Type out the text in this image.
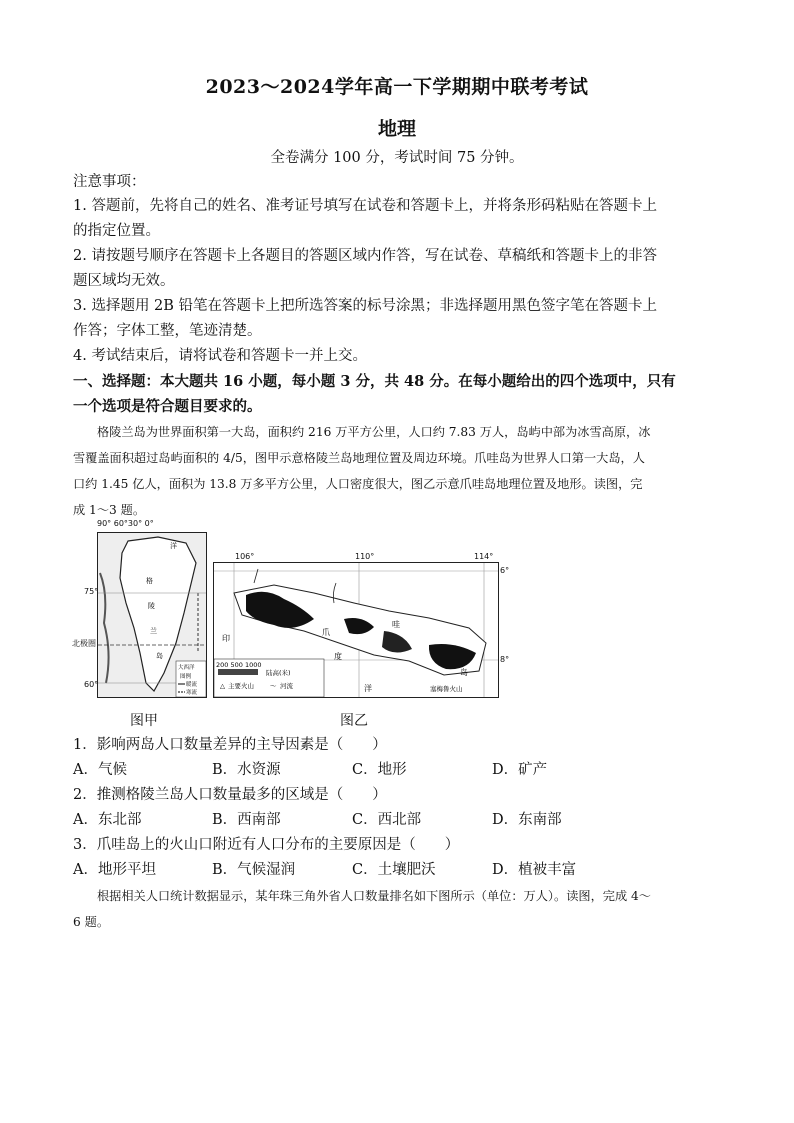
2023～2024学年高一下学期期中联考考试
地理
全卷满分 100 分，考试时间 75 分钟。
注意事项：
1. 答题前，先将自己的姓名、准考证号填写在试卷和答题卡上，并将条形码粘贴在答题卡上
的指定位置。
2. 请按题号顺序在答题卡上各题目的答题区域内作答，写在试卷、草稿纸和答题卡上的非答
题区域均无效。
3. 选择题用 2B 铅笔在答题卡上把所选答案的标号涂黑；非选择题用黑色签字笔在答题卡上
作答；字体工整，笔迹清楚。
4. 考试结束后，请将试卷和答题卡一并上交。
一、选择题：本大题共 16 小题，每小题 3 分，共 48 分。在每小题给出的四个选项中，只有
一个选项是符合题目要求的。
格陵兰岛为世界面积第一大岛，面积约 216 万平方公里，人口约 7.83 万人，岛屿中部为冰雪高原，冰
雪覆盖面积超过岛屿面积的 4/5，图甲示意格陵兰岛地理位置及周边环境。爪哇岛为世界人口第一大岛，人
口约 1.45 亿人，面积为 13.8 万多平方公里，人口密度很大，图乙示意爪哇岛地理位置及地形。读图，完
成 1～3 题。
洋
格
陵
兰
岛
大西洋
图例
暖流
寒流
90° 60°30° 0°
75°
北极圈
60°
图甲
200 500 1000
陆高(米)
△ 主要火山 〜 河流
印
度
洋
爪
哇
岛
塞梅鲁火山
106°	110°	114°
6°
8°
图乙
1．影响两岛人口数量差异的主导因素是（　　）
A．气候	B．水资源	C．地形	D．矿产
2．推测格陵兰岛人口数量最多的区域是（　　）
A．东北部	B．西南部	C．西北部	D．东南部
3．爪哇岛上的火山口附近有人口分布的主要原因是（　　）
A．地形平坦	B．气候湿润	C．土壤肥沃	D．植被丰富
根据相关人口统计数据显示，某年珠三角外省人口数量排名如下图所示（单位：万人）。读图，完成 4～
6 题。
